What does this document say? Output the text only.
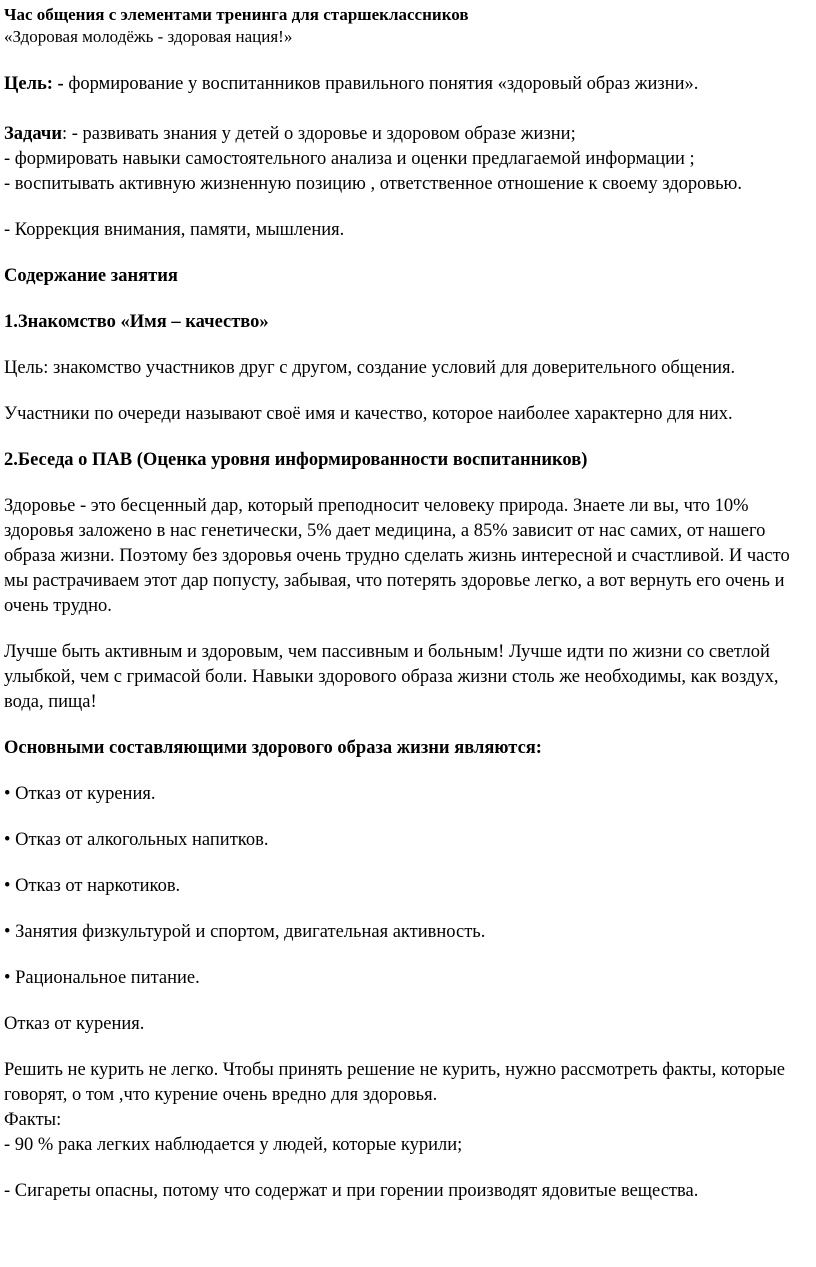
Час общения с элементами тренинга для старшеклассников

«Здоровая молодёжь - здоровая нация!»

Цель: - формирование у воспитанников правильного понятия «здоровый образ жизни».

Задачи: - развивать знания у детей о здоровье и здоровом образе жизни;

- формировать навыки самостоятельного анализа и оценки предлагаемой информации ;

- воспитывать активную жизненную позицию , ответственное отношение к своему здоровью.

- Коррекция внимания, памяти, мышления.

Содержание занятия

1.Знакомство «Имя – качество»

Цель: знакомство участников друг с другом, создание условий для доверительного общения.

Участники по очереди называют своё имя и качество, которое наиболее характерно для них.

2.Беседа о ПАВ (Оценка уровня информированности воспитанников)

Здоровье - это бесценный дар, который преподносит человеку природа. Знаете ли вы, что 10% здоровья заложено в нас генетически, 5% дает медицина, а 85% зависит от нас самих, от нашего образа жизни. Поэтому без здоровья очень трудно сделать жизнь интересной и счастливой. И часто мы растрачиваем этот дар попусту, забывая, что потерять здоровье легко, а вот вернуть его очень и очень трудно.

Лучше быть активным и здоровым, чем пассивным и больным! Лучше идти по жизни со светлой улыбкой, чем с гримасой боли. Навыки здорового образа жизни столь же необходимы, как воздух, вода, пища!

Основными составляющими здорового образа жизни являются:

• Отказ от курения.

• Отказ от алкогольных напитков.

• Отказ от наркотиков.

• Занятия физкультурой и спортом, двигательная активность.

• Рациональное питание.

Отказ от курения.

Решить не курить не легко. Чтобы принять решение не курить, нужно рассмотреть факты, которые говорят, о том ,что курение очень вредно для здоровья.

Факты:

- 90 % рака легких наблюдается у людей, которые курили;

- Сигареты опасны, потому что содержат и при горении производят ядовитые вещества.
